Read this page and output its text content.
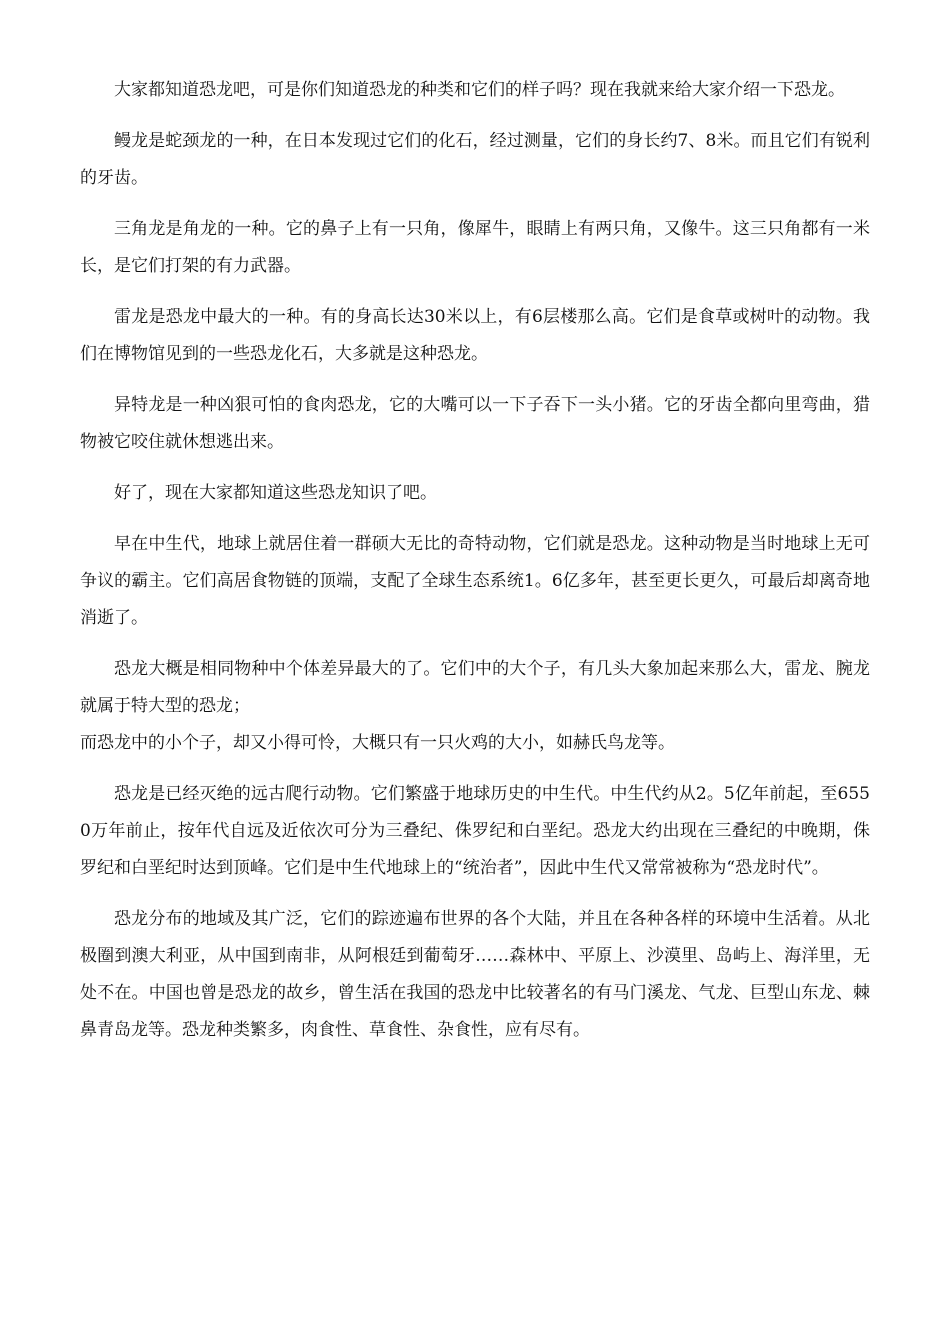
大家都知道恐龙吧，可是你们知道恐龙的种类和它们的样子吗？现在我就来给大家介绍一下恐龙。

鳗龙是蛇颈龙的一种，在日本发现过它们的化石，经过测量，它们的身长约7、8米。而且它们有锐利的牙齿。

三角龙是角龙的一种。它的鼻子上有一只角，像犀牛，眼睛上有两只角，又像牛。这三只角都有一米长，是它们打架的有力武器。

雷龙是恐龙中最大的一种。有的身高长达30米以上，有6层楼那么高。它们是食草或树叶的动物。我们在博物馆见到的一些恐龙化石，大多就是这种恐龙。

异特龙是一种凶狠可怕的食肉恐龙，它的大嘴可以一下子吞下一头小猪。它的牙齿全都向里弯曲，猎物被它咬住就休想逃出来。

好了，现在大家都知道这些恐龙知识了吧。

早在中生代，地球上就居住着一群硕大无比的奇特动物，它们就是恐龙。这种动物是当时地球上无可争议的霸主。它们高居食物链的顶端，支配了全球生态系统1。6亿多年，甚至更长更久，可最后却离奇地消逝了。

恐龙大概是相同物种中个体差异最大的了。它们中的大个子，有几头大象加起来那么大，雷龙、腕龙就属于特大型的恐龙；

而恐龙中的小个子，却又小得可怜，大概只有一只火鸡的大小，如赫氏鸟龙等。

恐龙是已经灭绝的远古爬行动物。它们繁盛于地球历史的中生代。中生代约从2。5亿年前起，至6550万年前止，按年代自远及近依次可分为三叠纪、侏罗纪和白垩纪。恐龙大约出现在三叠纪的中晚期，侏罗纪和白垩纪时达到顶峰。它们是中生代地球上的“统治者”，因此中生代又常常被称为“恐龙时代”。

恐龙分布的地域及其广泛，它们的踪迹遍布世界的各个大陆，并且在各种各样的环境中生活着。从北极圈到澳大利亚，从中国到南非，从阿根廷到葡萄牙……森林中、平原上、沙漠里、岛屿上、海洋里，无处不在。中国也曾是恐龙的故乡，曾生活在我国的恐龙中比较著名的有马门溪龙、气龙、巨型山东龙、棘鼻青岛龙等。恐龙种类繁多，肉食性、草食性、杂食性，应有尽有。
